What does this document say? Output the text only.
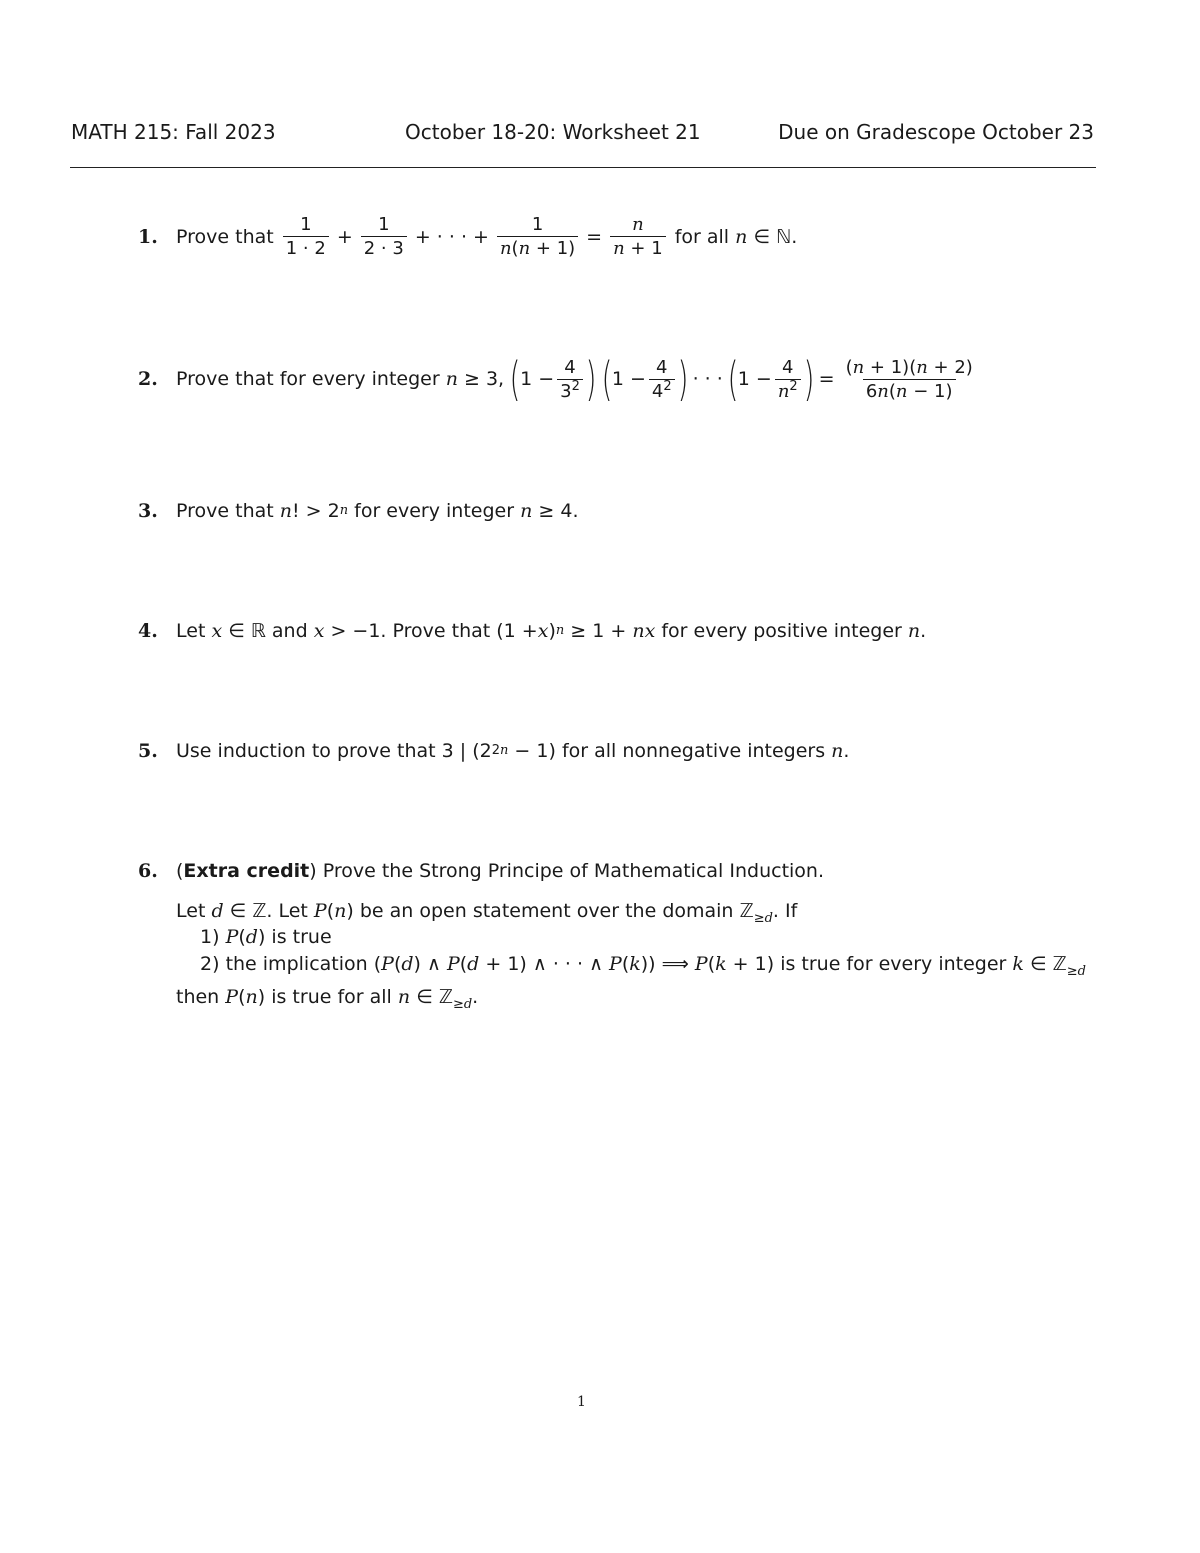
MATH 215: Fall 2023	October 18-20: Worksheet 21	Due on Gradescope October 23
1. Prove that
$\frac{1}{1 \cdot 2} + \frac{1}{2 \cdot 3}$ + · · · + $\frac{1}{n(n + 1)} = \frac{n}{n + 1}$
for all
n
∈ ℕ.
2. Prove that for every integer
n
≥ 3,
( $1 - \frac{4}{3^2}$ )
( $1 - \frac{4}{4^2}$ ) · · · ( $1 - \frac{4}{n^2}$ ) = $\frac{(n + 1)(n + 2)}{6n(n - 1)}$
3. Prove that
n ! > 2 n
for every integer
n
≥ 4.
4. Let
x
∈ ℝ
and
x
> −1.
Prove that
(1 + x ) n
≥ 1 +
nx
for every positive integer
n .
5. Use induction to prove that
3 | (2 2n
− 1)
for all nonnegative integers
n .
6. ( Extra credit )
Prove the Strong Principe of Mathematical Induction.
Let d ∈ ℤ. Let P(n) be an open statement over the domain ℤ$_{\ge d}$. If
1) P(d) is true
2) the implication (P(d) ∧ P(d + 1) ∧ · · · ∧ P(k)) ⟹ P(k + 1) is true for every integer k ∈ ℤ$_{\ge d}$
then P(n) is true for all n ∈ ℤ$_{\ge d}$.
1
